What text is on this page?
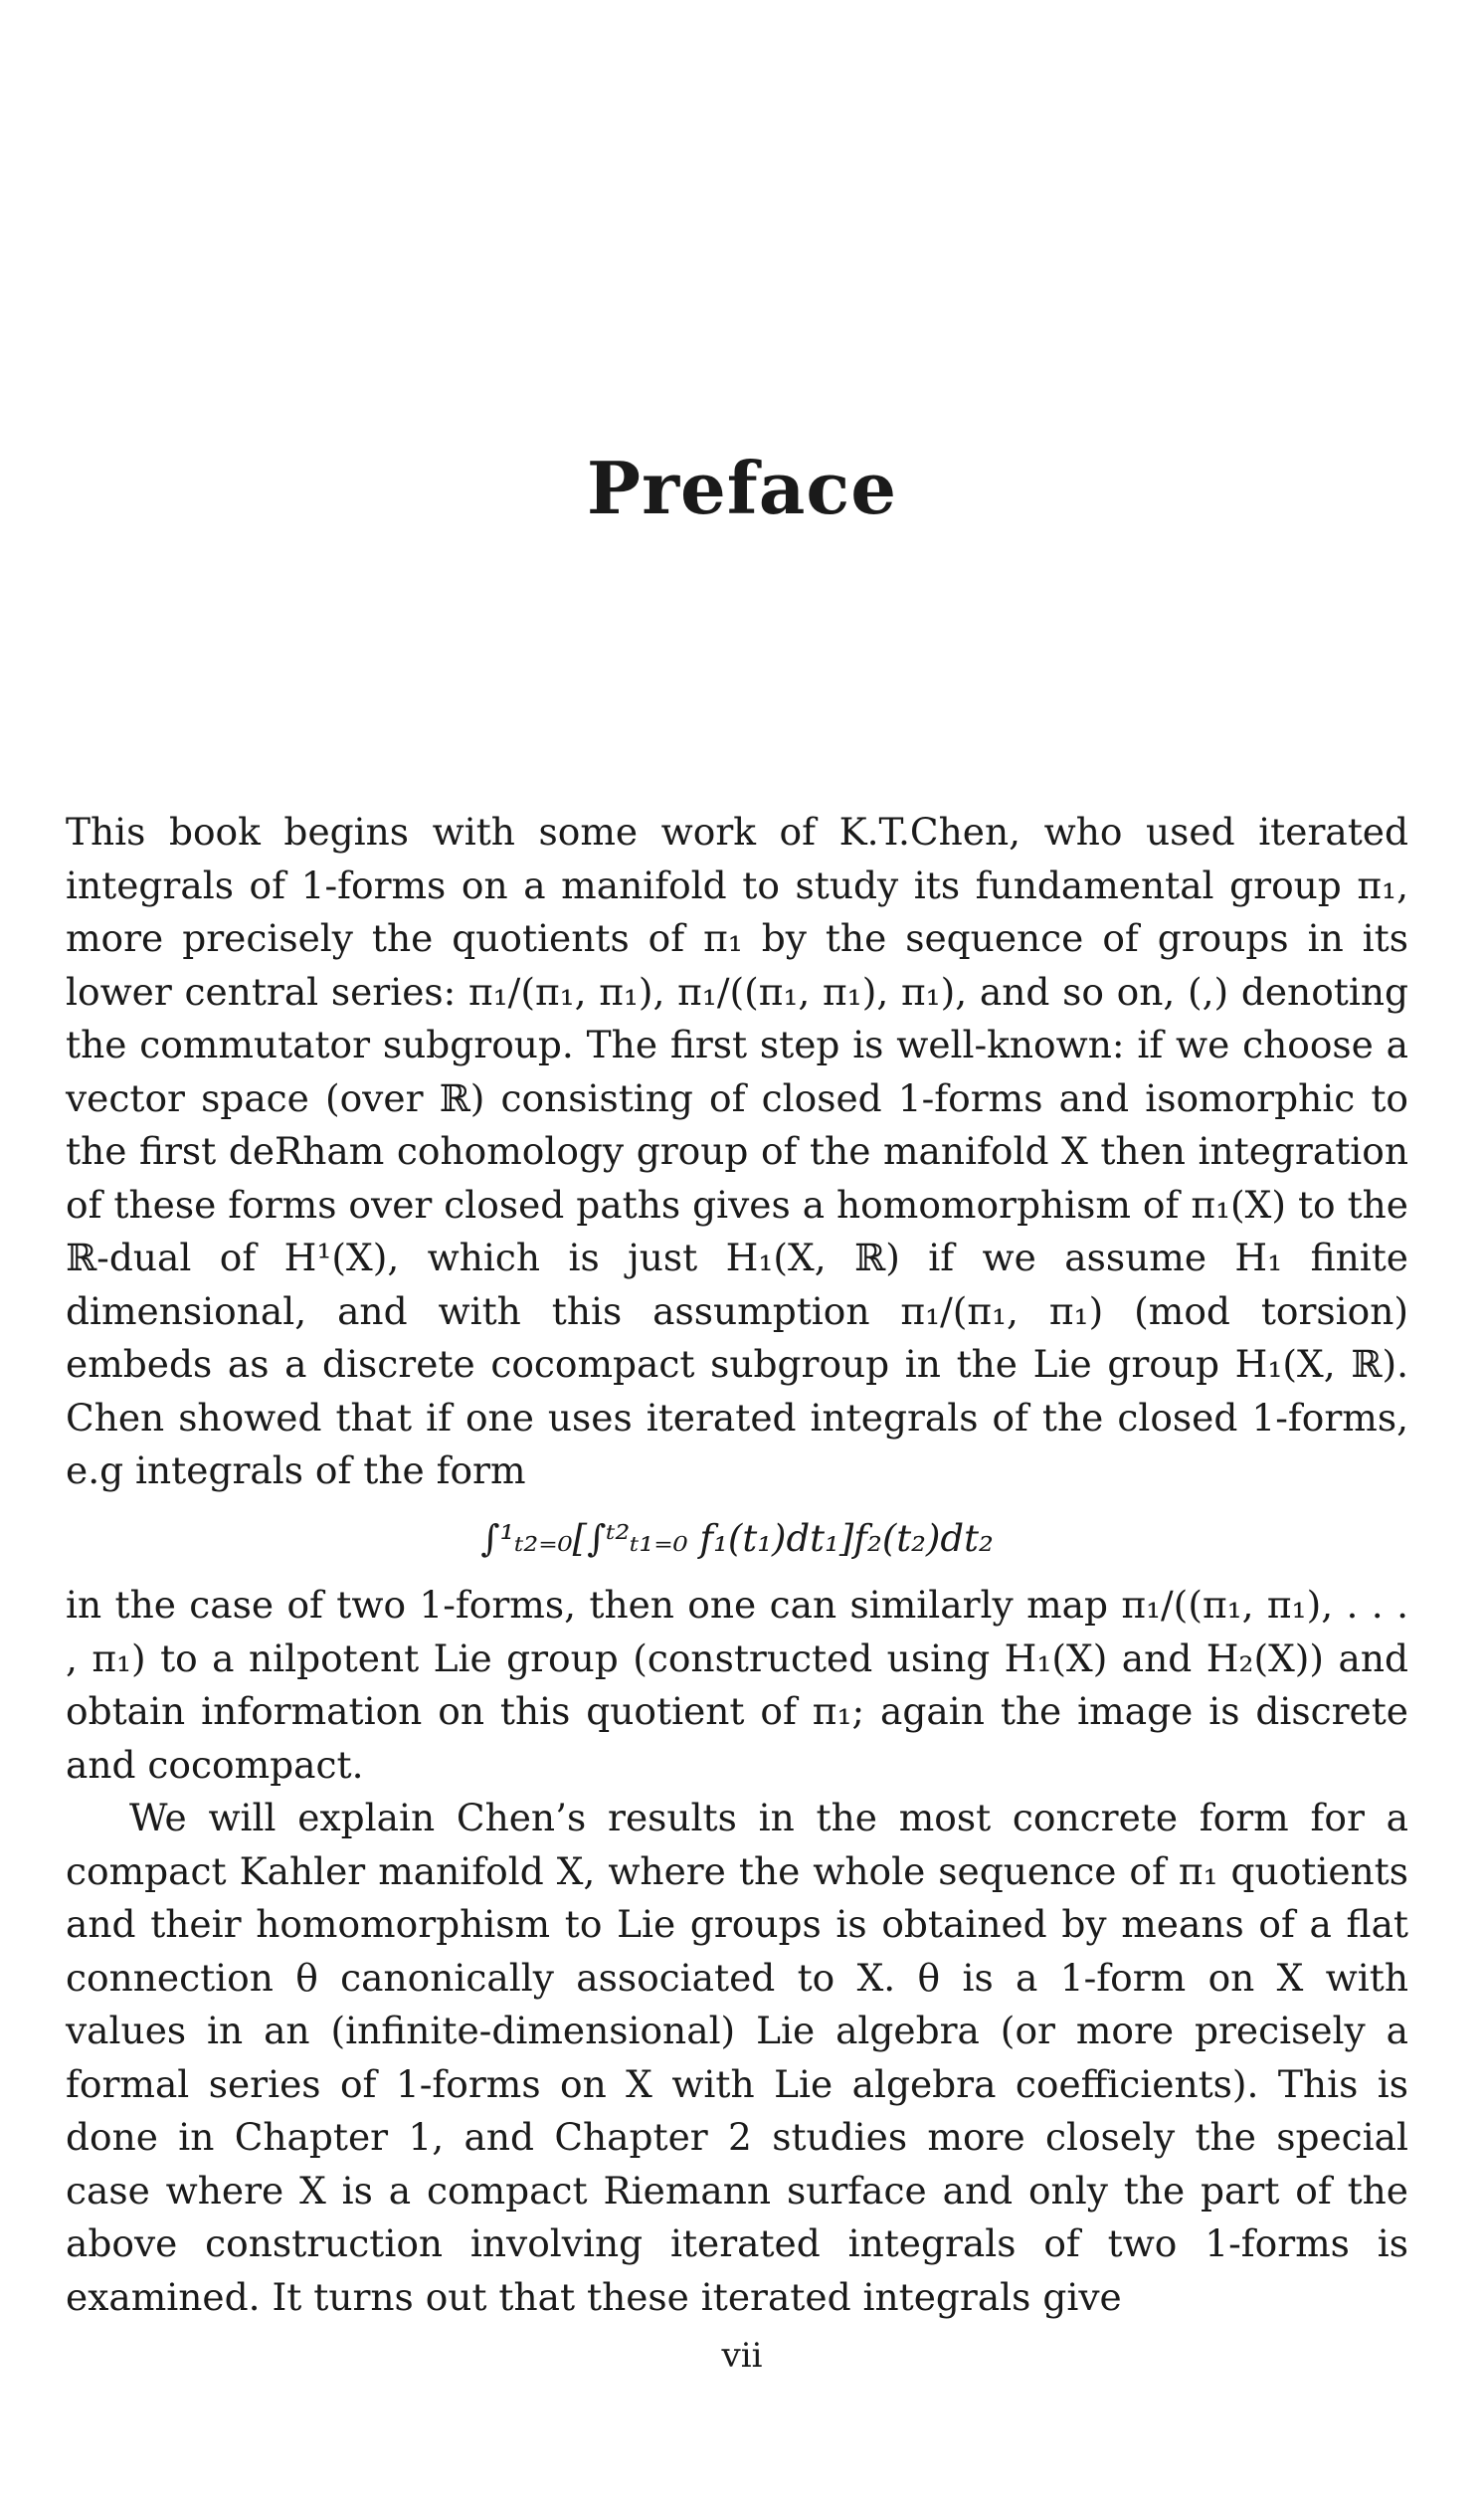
Preface

This book begins with some work of K.T.Chen, who used iterated integrals of 1-forms on a manifold to study its fundamental group π₁, more precisely the quotients of π₁ by the sequence of groups in its lower central series: π₁/(π₁, π₁), π₁/((π₁, π₁), π₁), and so on, (,) denoting the commutator subgroup. The first step is well-known: if we choose a vector space (over ℝ) consisting of closed 1-forms and isomorphic to the first deRham cohomology group of the manifold X then integration of these forms over closed paths gives a homomorphism of π₁(X) to the ℝ-dual of H¹(X), which is just H₁(X, ℝ) if we assume H₁ finite dimensional, and with this assumption π₁/(π₁, π₁) (mod torsion) embeds as a discrete cocompact subgroup in the Lie group H₁(X, ℝ). Chen showed that if one uses iterated integrals of the closed 1-forms, e.g integrals of the form

∫¹ₜ₂₌₀[∫ᵗ²ₜ₁₌₀ f₁(t₁)dt₁]f₂(t₂)dt₂

in the case of two 1-forms, then one can similarly map π₁/((π₁, π₁), . . . , π₁) to a nilpotent Lie group (constructed using H₁(X) and H₂(X)) and obtain information on this quotient of π₁; again the image is discrete and cocompact.

We will explain Chen’s results in the most concrete form for a compact Kahler manifold X, where the whole sequence of π₁ quotients and their homomorphism to Lie groups is obtained by means of a flat connection θ canonically associated to X. θ is a 1-form on X with values in an (infinite-dimensional) Lie algebra (or more precisely a formal series of 1-forms on X with Lie algebra coefficients). This is done in Chapter 1, and Chapter 2 studies more closely the special case where X is a compact Riemann surface and only the part of the above construction involving iterated integrals of two 1-forms is examined. It turns out that these iterated integrals give

vii
